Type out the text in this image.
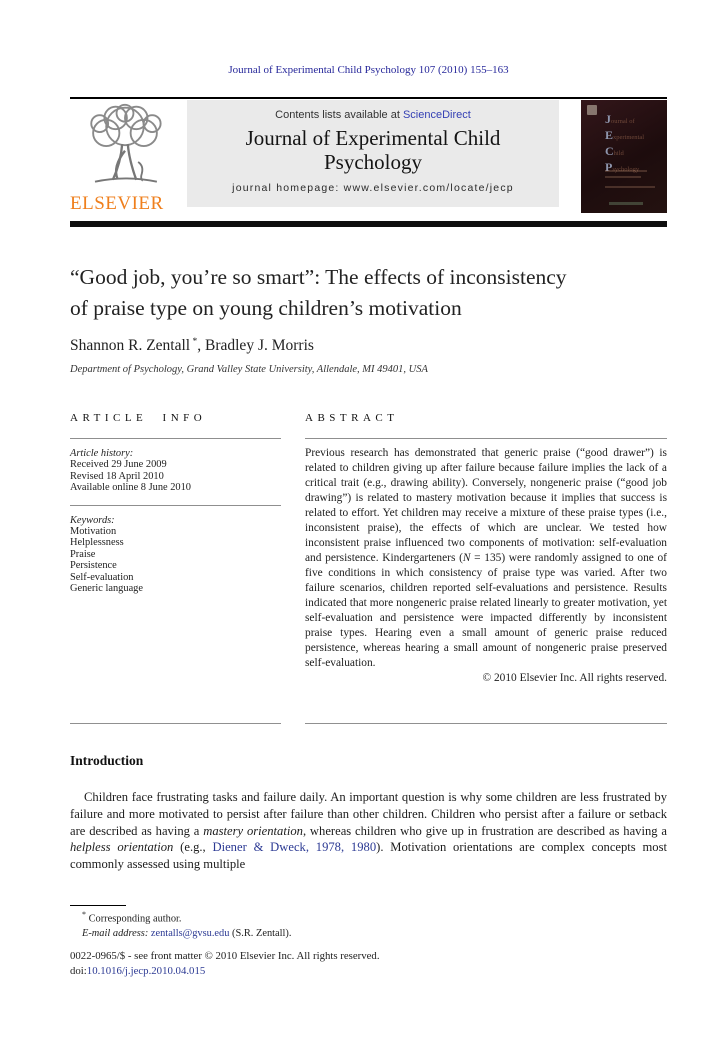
Journal of Experimental Child Psychology 107 (2010) 155–163
ELSEVIER
Contents lists available at ScienceDirect
Journal of Experimental Child
Psychology
journal homepage: www.elsevier.com/locate/jecp
Journal of
Experimental
Child
Psychology
“Good job, you’re so smart”: The effects of inconsistency
of praise type on young children’s motivation
Shannon R. Zentall *, Bradley J. Morris
Department of Psychology, Grand Valley State University, Allendale, MI 49401, USA
ARTICLE INFO
Article history:
Received 29 June 2009
Revised 18 April 2010
Available online 8 June 2010
Keywords:
Motivation
Helplessness
Praise
Persistence
Self-evaluation
Generic language
ABSTRACT
Previous research has demonstrated that generic praise (“good drawer”) is related to children giving up after failure because failure implies the lack of a critical trait (e.g., drawing ability). Conversely, nongeneric praise (“good job drawing”) is related to mastery motivation because it implies that success is related to effort. Yet children may receive a mixture of these praise types (i.e., inconsistent praise), the effects of which are unclear. We tested how inconsistent praise influenced two components of motivation: self-evaluation and persistence. Kindergarteners (N = 135) were randomly assigned to one of five conditions in which consistency of praise type was varied. After two failure scenarios, children reported self-evaluations and persistence. Results indicated that more nongeneric praise related linearly to greater motivation, yet self-evaluation and persistence were impacted differently by inconsistent praise types. Hearing even a small amount of generic praise reduced persistence, whereas hearing a small amount of nongeneric praise preserved self-evaluation.
© 2010 Elsevier Inc. All rights reserved.
Introduction
Children face frustrating tasks and failure daily. An important question is why some children are less frustrated by failure and more motivated to persist after failure than other children. Children who persist after a failure or setback are described as having a mastery orientation, whereas children who give up in frustration are described as having a helpless orientation (e.g., Diener & Dweck, 1978, 1980). Motivation orientations are complex concepts most commonly assessed using multiple
* Corresponding author.
E-mail address: zentalls@gvsu.edu (S.R. Zentall).
0022-0965/$ - see front matter © 2010 Elsevier Inc. All rights reserved.
doi:10.1016/j.jecp.2010.04.015
